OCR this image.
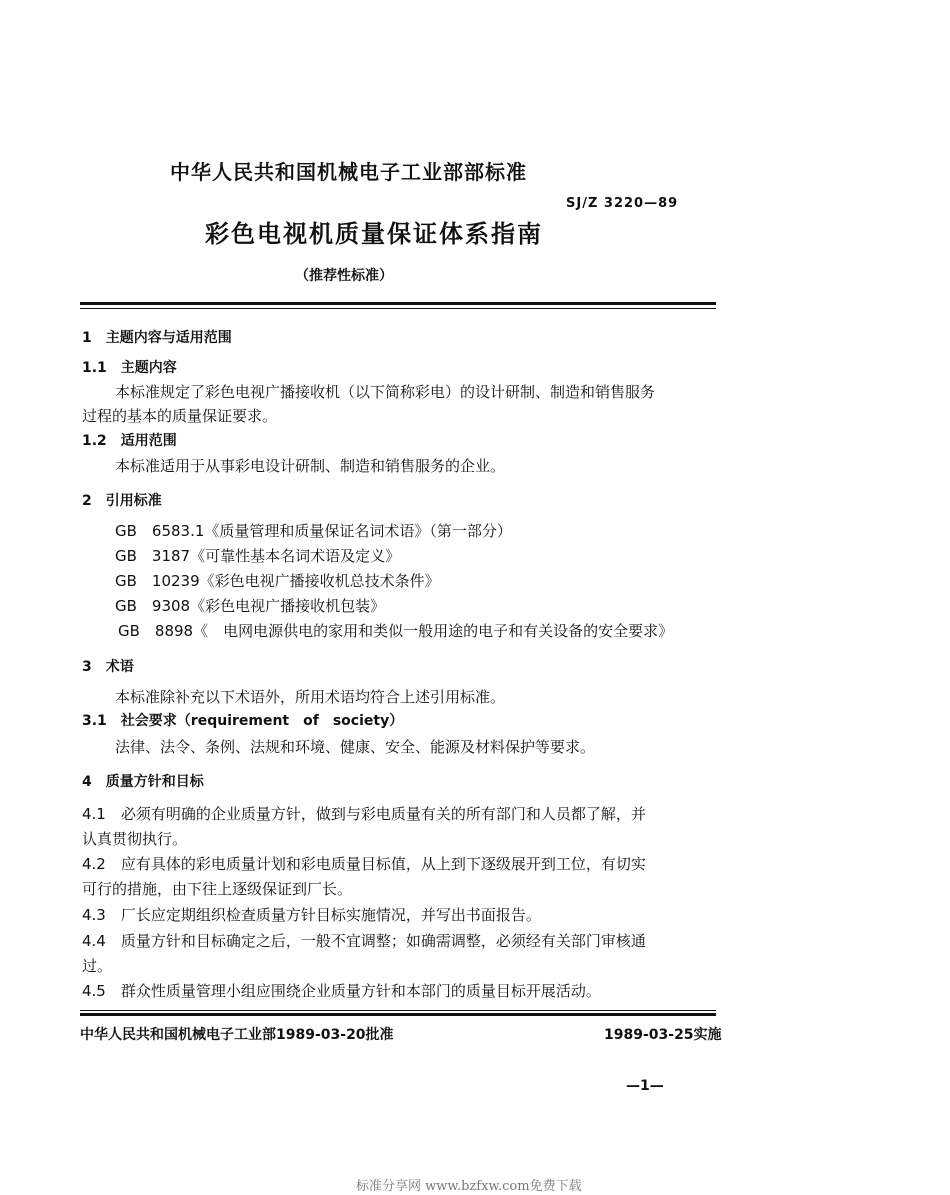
中华人民共和国机械电子工业部部标准
SJ/Z 3220—89
彩色电视机质量保证体系指南
（推荐性标准）
1　主题内容与适用范围
1.1　主题内容
本标准规定了彩色电视广播接收机（以下简称彩电）的设计研制、制造和销售服务
过程的基本的质量保证要求。
1.2　适用范围
本标准适用于从事彩电设计研制、制造和销售服务的企业。
2　引用标准
GB　6583.1《质量管理和质量保证名词术语》（第一部分）
GB　3187《可靠性基本名词术语及定义》
GB　10239《彩色电视广播接收机总技术条件》
GB　9308《彩色电视广播接收机包装》
GB　8898《　电网电源供电的家用和类似一般用途的电子和有关设备的安全要求》
3　术语
本标准除补充以下术语外，所用术语均符合上述引用标准。
3.1　社会要求（requirement　of　society）
法律、法令、条例、法规和环境、健康、安全、能源及材料保护等要求。
4　质量方针和目标
4.1　必须有明确的企业质量方针，做到与彩电质量有关的所有部门和人员都了解，并
认真贯彻执行。
4.2　应有具体的彩电质量计划和彩电质量目标值，从上到下逐级展开到工位，有切实
可行的措施，由下往上逐级保证到厂长。
4.3　厂长应定期组织检查质量方针目标实施情况，并写出书面报告。
4.4　质量方针和目标确定之后，一般不宜调整；如确需调整，必须经有关部门审核通
过。
4.5　群众性质量管理小组应围绕企业质量方针和本部门的质量目标开展活动。
中华人民共和国机械电子工业部1989-03-20批准	1989-03-25实施
—1—
标准分享网 www.bzfxw.com免费下载
